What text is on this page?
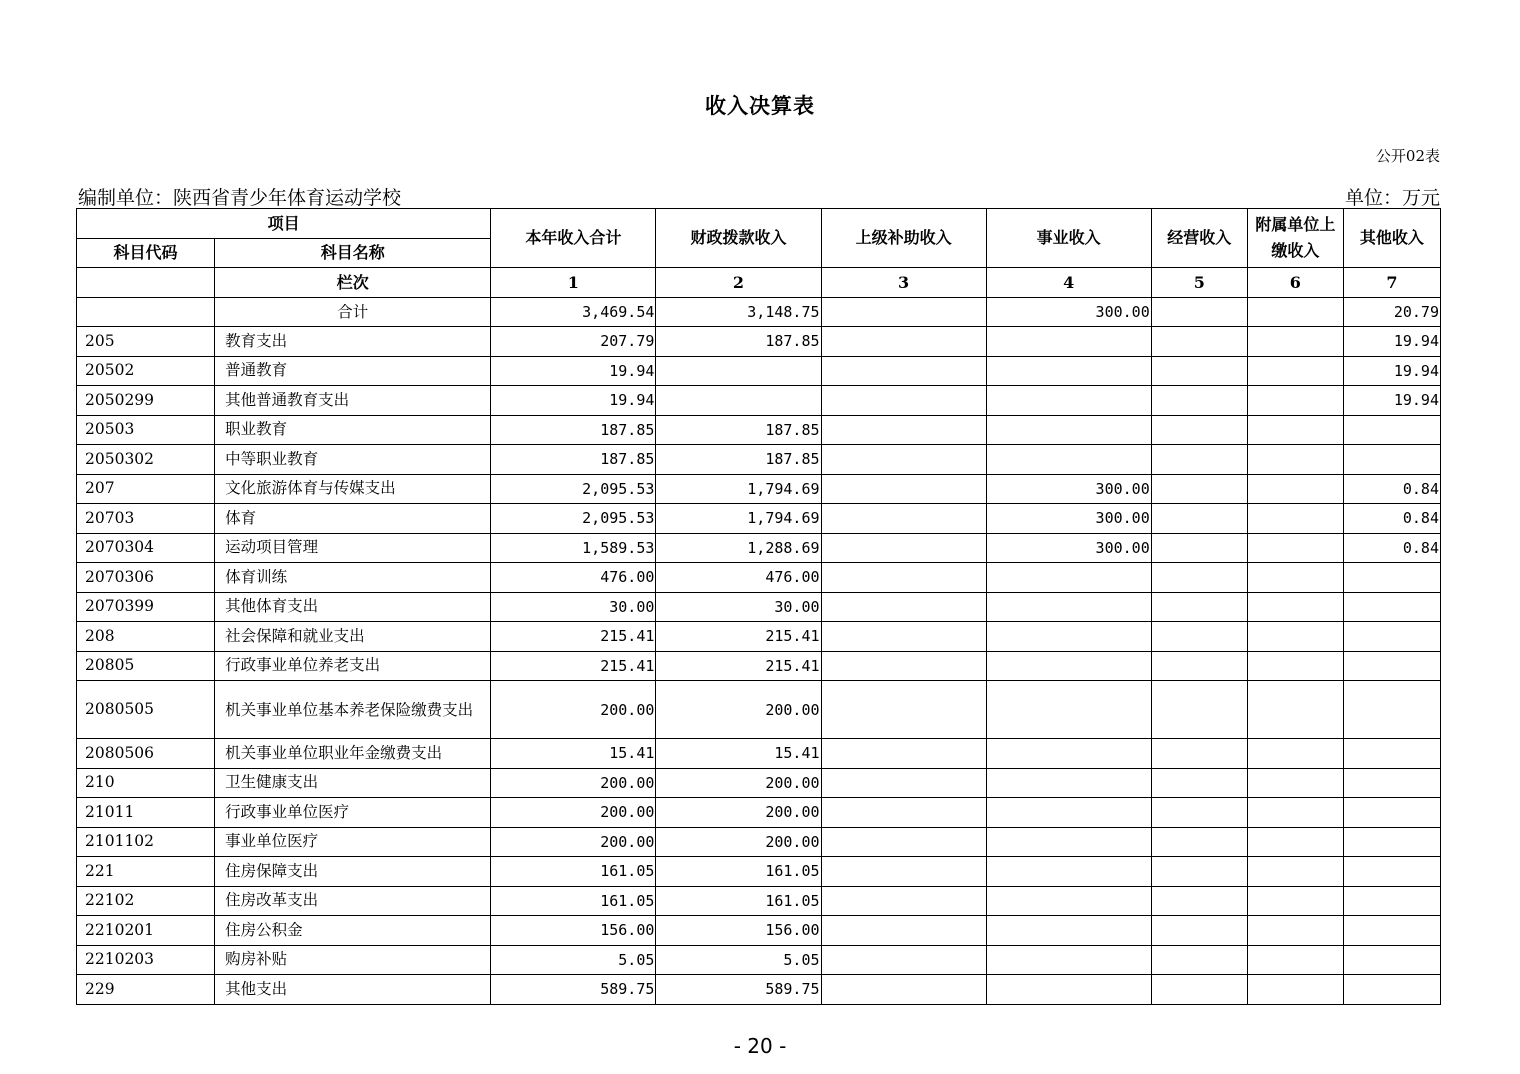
收入决算表
公开02表
编制单位：陕西省青少年体育运动学校	单位：万元
项目		本年收入合计	财政拨款收入	上级补助收入	事业收入	经营收入	附属单位上缴收入	其他收入
科目代码	科目名称							
	栏次	1	2	3	4	5	6	7
	合计	3,469.54	3,148.75		300.00			20.79
205	教育支出	207.79	187.85					19.94
20502	普通教育	19.94						19.94
2050299	其他普通教育支出	19.94						19.94
20503	职业教育	187.85	187.85					
2050302	中等职业教育	187.85	187.85					
207	文化旅游体育与传媒支出	2,095.53	1,794.69		300.00			0.84
20703	体育	2,095.53	1,794.69		300.00			0.84
2070304	运动项目管理	1,589.53	1,288.69		300.00			0.84
2070306	体育训练	476.00	476.00					
2070399	其他体育支出	30.00	30.00					
208	社会保障和就业支出	215.41	215.41					
20805	行政事业单位养老支出	215.41	215.41					
2080505	机关事业单位基本养老保险缴费支出	200.00	200.00					
2080506	机关事业单位职业年金缴费支出	15.41	15.41					
210	卫生健康支出	200.00	200.00					
21011	行政事业单位医疗	200.00	200.00					
2101102	事业单位医疗	200.00	200.00					
221	住房保障支出	161.05	161.05					
22102	住房改革支出	161.05	161.05					
2210201	住房公积金	156.00	156.00					
2210203	购房补贴	5.05	5.05					
229	其他支出	589.75	589.75					
- 20 -
